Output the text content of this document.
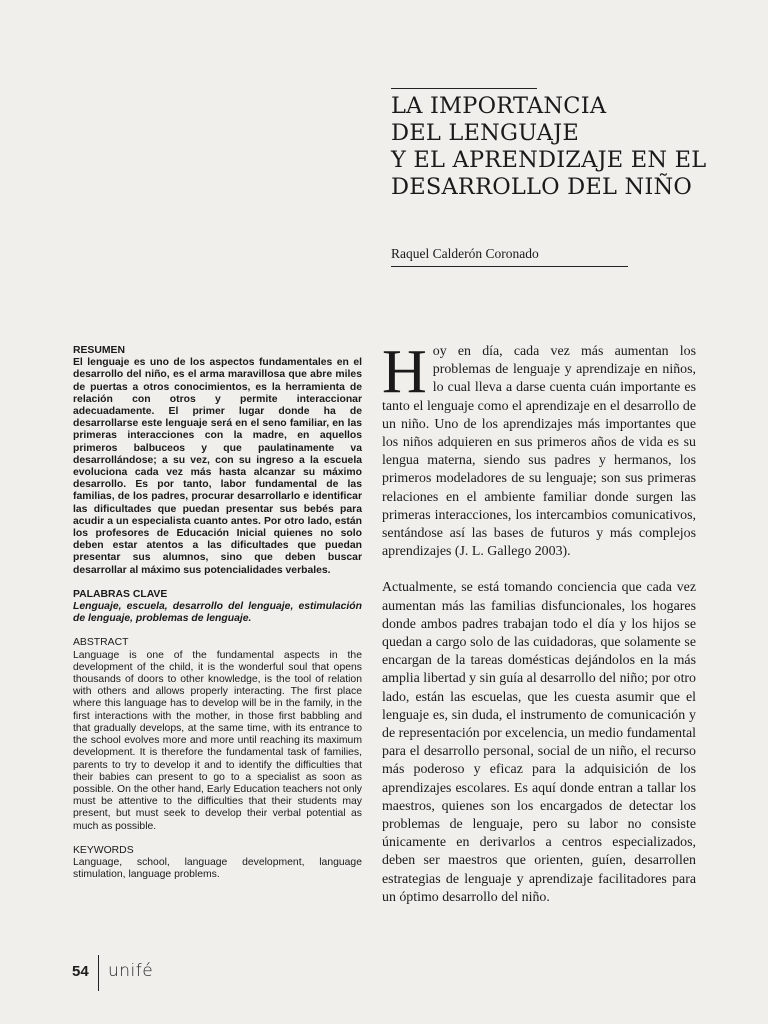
LA IMPORTANCIA
DEL LENGUAJE
Y EL APRENDIZAJE EN EL
DESARROLLO DEL NIÑO
Raquel Calderón Coronado

RESUMEN

El lenguaje es uno de los aspectos fundamentales en el desarrollo del niño, es el arma maravillosa que abre miles de puertas a otros conocimientos, es la herramienta de relación con otros y permite interaccionar adecuadamente. El primer lugar donde ha de desarrollarse este lenguaje será en el seno familiar, en las primeras interacciones con la madre, en aquellos primeros balbuceos y que paulatinamente va desarrollándose; a su vez, con su ingreso a la escuela evoluciona cada vez más hasta alcanzar su máximo desarrollo. Es por tanto, labor fundamental de las familias, de los padres, procurar desarrollarlo e identificar las dificultades que puedan presentar sus bebés para acudir a un especialista cuanto antes. Por otro lado, están los profesores de Educación Inicial quienes no solo deben estar atentos a las dificultades que puedan presentar sus alumnos, sino que deben buscar desarrollar al máximo sus potencialidades verbales.

PALABRAS CLAVE

Lenguaje, escuela, desarrollo del lenguaje, estimulación de lenguaje, problemas de lenguaje.

ABSTRACT

Language is one of the fundamental aspects in the development of the child, it is the wonderful soul that opens thousands of doors to other knowledge, is the tool of relation with others and allows properly interacting. The first place where this language has to develop will be in the family, in the first interactions with the mother, in those first babbling and that gradually develops, at the same time, with its entrance to the school evolves more and more until reaching its maximum development. It is therefore the fundamental task of families, parents to try to develop it and to identify the difficulties that their babies can present to go to a specialist as soon as possible. On the other hand, Early Education teachers not only must be attentive to the difficulties that their students may present, but must seek to develop their verbal potential as much as possible.

KEYWORDS

Language, school, language development, language stimulation, language problems.

Hoy en día, cada vez más aumentan los problemas de lenguaje y aprendizaje en niños, lo cual lleva a darse cuenta cuán importante es tanto el lenguaje como el aprendizaje en el desarrollo de un niño. Uno de los aprendizajes más importantes que los niños adquieren en sus primeros años de vida es su lengua materna, siendo sus padres y hermanos, los primeros modeladores de su lenguaje; son sus primeras relaciones en el ambiente familiar donde surgen las primeras interacciones, los intercambios comunicativos, sentándose así las bases de futuros y más complejos aprendizajes (J. L. Gallego 2003).

Actualmente, se está tomando conciencia que cada vez aumentan más las familias disfuncionales, los hogares donde ambos padres trabajan todo el día y los hijos se quedan a cargo solo de las cuidadoras, que solamente se encargan de la tareas domésticas dejándolos en la más amplia libertad y sin guía al desarrollo del niño; por otro lado, están las escuelas, que les cuesta asumir que el lenguaje es, sin duda, el instrumento de comunicación y de representación por excelencia, un medio fundamental para el desarrollo personal, social de un niño, el recurso más poderoso y eficaz para la adquisición de los aprendizajes escolares. Es aquí donde entran a tallar los maestros, quienes son los encargados de detectar los problemas de lenguaje, pero su labor no consiste únicamente en derivarlos a centros especializados, deben ser maestros que orienten, guíen, desarrollen estrategias de lenguaje y aprendizaje facilitadores para un óptimo desarrollo del niño.

54 unifé
